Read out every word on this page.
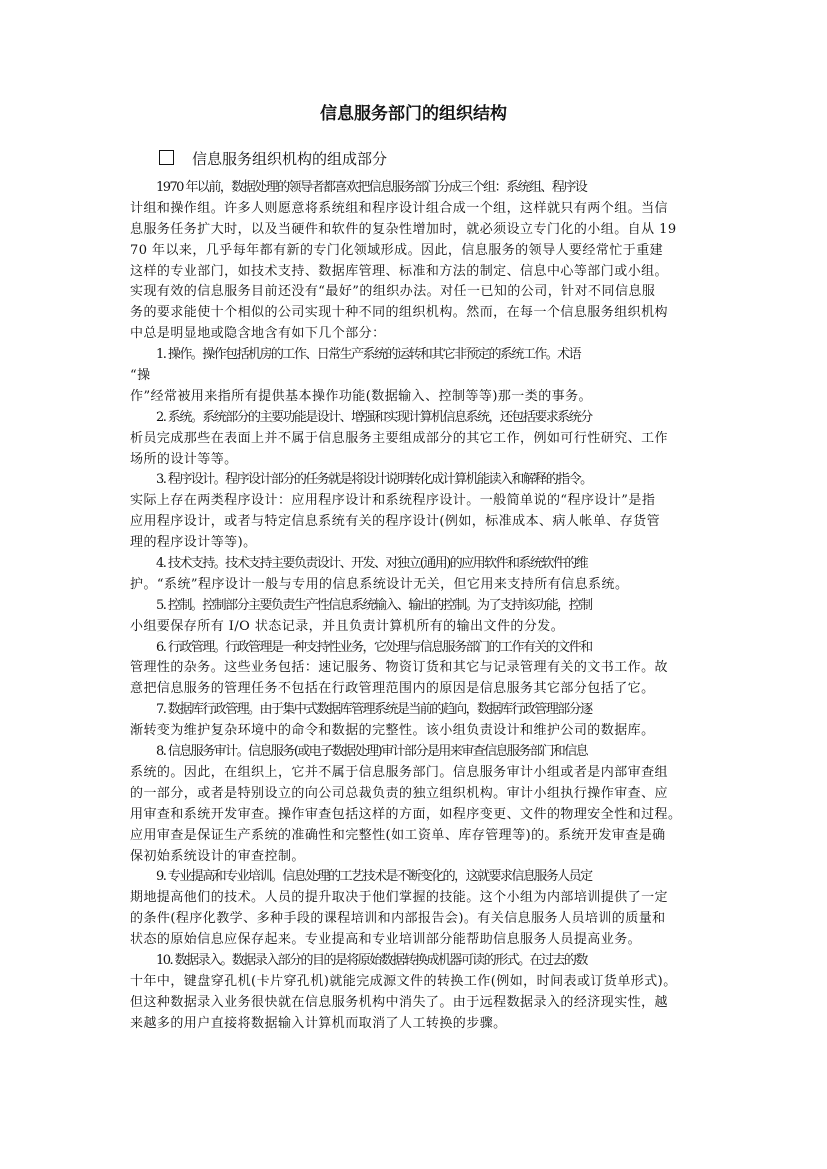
信息服务部门的组织结构
信息服务组织机构的组成部分
1970 年以前，数据处理的领导者都喜欢把信息服务部门分成三个组：系统组、程序设
计组和操作组。许多人则愿意将系统组和程序设计组合成一个组，这样就只有两个组。当信
息服务任务扩大时，以及当硬件和软件的复杂性增加时，就必须设立专门化的小组。自从 19
70 年以来，几乎每年都有新的专门化领域形成。因此，信息服务的领导人要经常忙于重建
这样的专业部门，如技术支持、数据库管理、标准和方法的制定、信息中心等部门或小组。
实现有效的信息服务目前还没有“最好”的组织办法。对任一已知的公司，针对不同信息服
务的要求能使十个相似的公司实现十种不同的组织机构。然而，在每一个信息服务组织机构
中总是明显地或隐含地含有如下几个部分：
1. 操作。操作包括机房的工作、日常生产系统的运转和其它非预定的系统工作。术语
“操
作”经常被用来指所有提供基本操作功能(数据输入、控制等等)那一类的事务。
2. 系统。系统部分的主要功能是设计、增强和实现计算机信息系统，还包括要求系统分
析员完成那些在表面上并不属于信息服务主要组成部分的其它工作，例如可行性研究、工作
场所的设计等等。
3. 程序设计。程序设计部分的任务就是将设计说明转化成计算机能读入和解释的指令。
实际上存在两类程序设计：应用程序设计和系统程序设计。一般简单说的“程序设计”是指
应用程序设计，或者与特定信息系统有关的程序设计(例如，标准成本、病人帐单、存货管
理的程序设计等等)。
4. 技术支持。技术支持主要负责设计、开发、对独立(通用)的应用软件和系统软件的维
护。“系统”程序设计一般与专用的信息系统设计无关，但它用来支持所有信息系统。
5. 控制。控制部分主要负责生产性信息系统输入、输出的控制。为了支持该功能，控制
小组要保存所有 I/O 状态记录，并且负责计算机所有的输出文件的分发。
6. 行政管理。行政管理是一种支持性业务，它处理与信息服务部门的工作有关的文件和
管理性的杂务。这些业务包括：速记服务、物资订货和其它与记录管理有关的文书工作。故
意把信息服务的管理任务不包括在行政管理范围内的原因是信息服务其它部分包括了它。
7. 数据库行政管理。由于集中式数据库管理系统是当前的趋向，数据库行政管理部分逐
渐转变为维护复杂环境中的命令和数据的完整性。该小组负责设计和维护公司的数据库。
8. 信息服务审计。信息服务(或电子数据处理)审计部分是用来审查信息服务部门和信息
系统的。因此，在组织上，它并不属于信息服务部门。信息服务审计小组或者是内部审查组
的一部分，或者是特别设立的向公司总裁负责的独立组织机构。审计小组执行操作审查、应
用审查和系统开发审查。操作审查包括这样的方面，如程序变更、文件的物理安全性和过程。
应用审查是保证生产系统的准确性和完整性(如工资单、库存管理等)的。系统开发审查是确
保初始系统设计的审查控制。
9. 专业提高和专业培训。信息处理的工艺技术是不断变化的，这就要求信息服务人员定
期地提高他们的技术。人员的提升取决于他们掌握的技能。这个小组为内部培训提供了一定
的条件(程序化教学、多种手段的课程培训和内部报告会)。有关信息服务人员培训的质量和
状态的原始信息应保存起来。专业提高和专业培训部分能帮助信息服务人员提高业务。
10. 数据录入。数据录入部分的目的是将原始数据转换成机器可读的形式。在过去的数
十年中，键盘穿孔机(卡片穿孔机)就能完成源文件的转换工作(例如，时间表或订货单形式)。
但这种数据录入业务很快就在信息服务机构中消失了。由于远程数据录入的经济现实性，越
来越多的用户直接将数据输入计算机而取消了人工转换的步骤。
